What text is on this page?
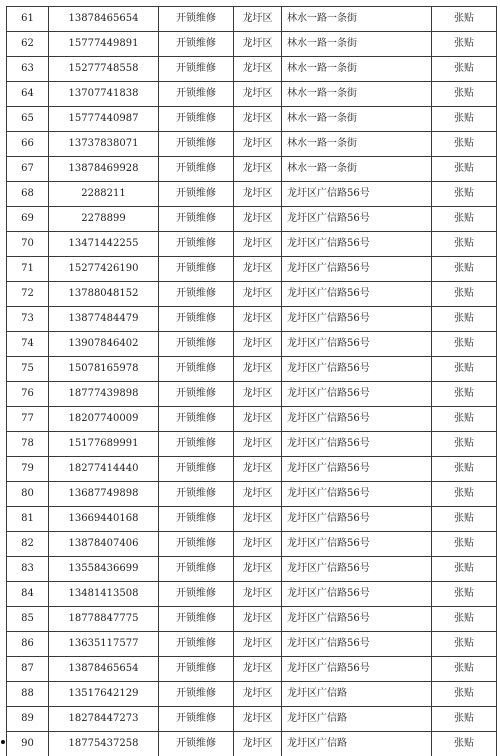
61	13878465654	开锁维修	龙圩区	林水一路一条街	张贴
62	15777449891	开锁维修	龙圩区	林水一路一条街	张贴
63	15277748558	开锁维修	龙圩区	林水一路一条街	张贴
64	13707741838	开锁维修	龙圩区	林水一路一条街	张贴
65	15777440987	开锁维修	龙圩区	林水一路一条街	张贴
66	13737838071	开锁维修	龙圩区	林水一路一条街	张贴
67	13878469928	开锁维修	龙圩区	林水一路一条街	张贴
68	2288211	开锁维修	龙圩区	龙圩区广信路56号	张贴
69	2278899	开锁维修	龙圩区	龙圩区广信路56号	张贴
70	13471442255	开锁维修	龙圩区	龙圩区广信路56号	张贴
71	15277426190	开锁维修	龙圩区	龙圩区广信路56号	张贴
72	13788048152	开锁维修	龙圩区	龙圩区广信路56号	张贴
73	13877484479	开锁维修	龙圩区	龙圩区广信路56号	张贴
74	13907846402	开锁维修	龙圩区	龙圩区广信路56号	张贴
75	15078165978	开锁维修	龙圩区	龙圩区广信路56号	张贴
76	18777439898	开锁维修	龙圩区	龙圩区广信路56号	张贴
77	18207740009	开锁维修	龙圩区	龙圩区广信路56号	张贴
78	15177689991	开锁维修	龙圩区	龙圩区广信路56号	张贴
79	18277414440	开锁维修	龙圩区	龙圩区广信路56号	张贴
80	13687749898	开锁维修	龙圩区	龙圩区广信路56号	张贴
81	13669440168	开锁维修	龙圩区	龙圩区广信路56号	张贴
82	13878407406	开锁维修	龙圩区	龙圩区广信路56号	张贴
83	13558436699	开锁维修	龙圩区	龙圩区广信路56号	张贴
84	13481413508	开锁维修	龙圩区	龙圩区广信路56号	张贴
85	18778847775	开锁维修	龙圩区	龙圩区广信路56号	张贴
86	13635117577	开锁维修	龙圩区	龙圩区广信路56号	张贴
87	13878465654	开锁维修	龙圩区	龙圩区广信路56号	张贴
88	13517642129	开锁维修	龙圩区	龙圩区广信路	张贴
89	18278447273	开锁维修	龙圩区	龙圩区广信路	张贴
90	18775437258	开锁维修	龙圩区	龙圩区广信路	张贴
